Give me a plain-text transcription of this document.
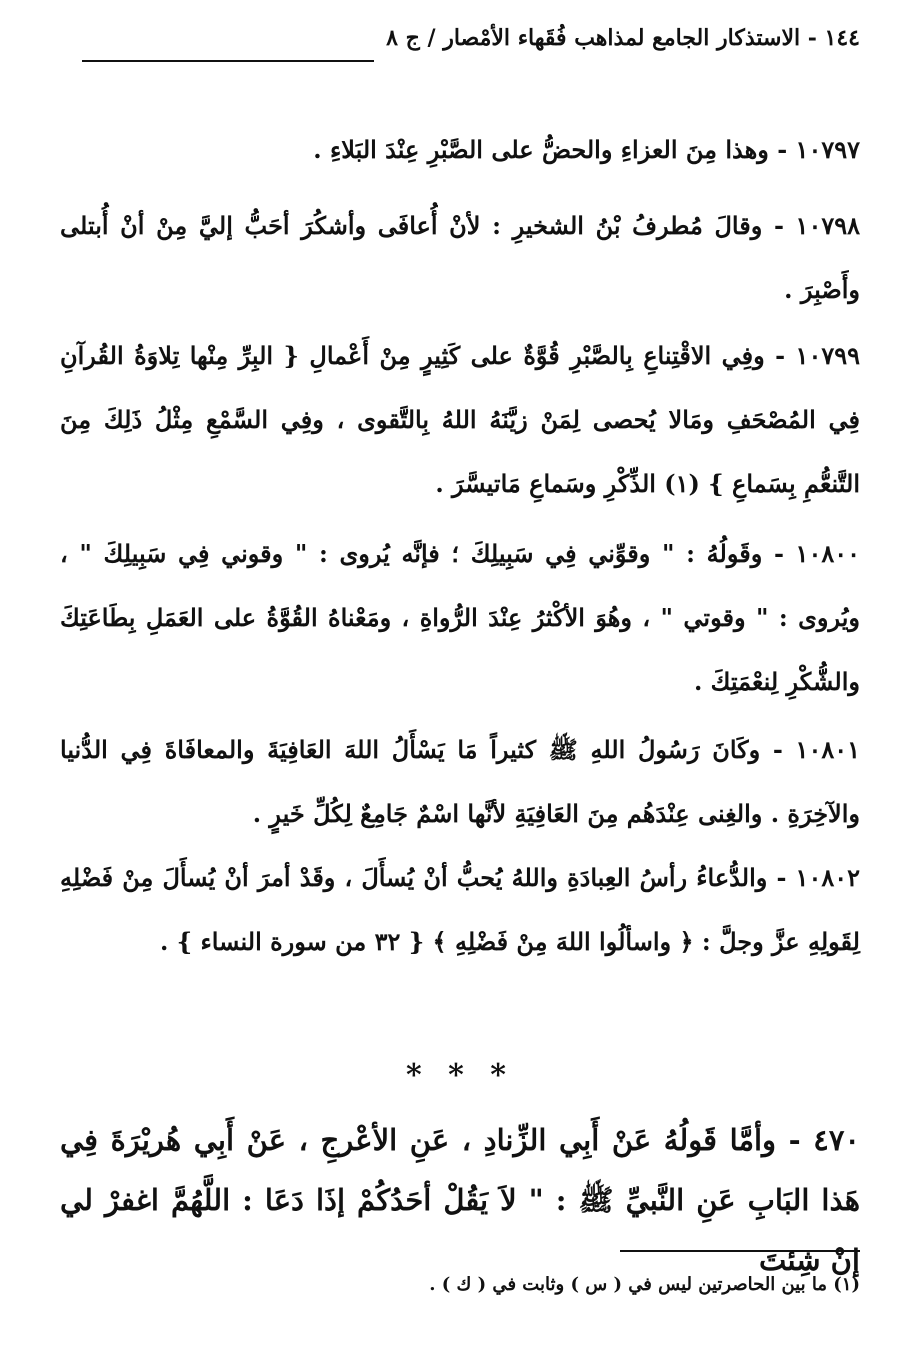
١٤٤ - الاستذكار الجامع لمذاهب فُقَهاء الأمْصار / ج ٨

١٠٧٩٧ - وهذا مِنَ العزاءِ والحضُّ على الصَّبْرِ عِنْدَ البَلاءِ .

١٠٧٩٨ - وقالَ مُطرفُ بْنُ الشخيرِ : لأنْ أُعافَى وأشكُرَ أحَبُّ إليَّ مِنْ أنْ أُبتلى وأَصْبِرَ .

١٠٧٩٩ - وفِي الاقْتِناعِ بِالصَّبْرِ قُوَّةٌ على كَثِيرٍ مِنْ أَعْمالِ { البِرِّ مِنْها تِلاوَةُ القُرآنِ فِي المُصْحَفِ ومَالا يُحصى لِمَنْ زيَّنَهُ اللهُ بِالتَّقوى ، وفِي السَّمْعِ مِثْلُ ذَلِكَ مِنَ التَّنعُّمِ بِسَماعِ } (١) الذِّكْرِ وسَماعِ مَاتيسَّرَ .

١٠٨٠٠ - وقَولُهُ : " وقوِّني فِي سَبِيلِكَ ؛ فإنَّه يُروى : " وقوني فِي سَبِيلِكَ " ، ويُروى : " وقوتي " ، وهُوَ الأكْثرُ عِنْدَ الرُّواةِ ، ومَعْناهُ القُوَّةُ على العَمَلِ بِطَاعَتِكَ والشُّكْرِ لِنعْمَتِكَ .

١٠٨٠١ - وكَانَ رَسُولُ اللهِ ﷺ كثيراً مَا يَسْأَلُ اللهَ العَافِيَةَ والمعافَاةَ فِي الدُّنيا والآخِرَةِ . والغِنى عِنْدَهُم مِنَ العَافِيَةِ لأنَّها اسْمٌ جَامِعٌ لِكُلِّ خَيرٍ .

١٠٨٠٢ - والدُّعاءُ رأسُ العِبادَةِ واللهُ يُحبُّ أنْ يُسأَلَ ، وقَدْ أمرَ أنْ يُسأَلَ مِنْ فَضْلِهِ لِقَولِهِ عزَّ وجلَّ : ﴿ واسألُوا اللهَ مِنْ فَضْلِهِ ﴾ { ٣٢ من سورة النساء } .

* * *

٤٧٠ - وأمَّا قَولُهُ عَنْ أَبِي الزِّنادِ ، عَنِ الأعْرجِ ، عَنْ أَبِي هُريْرَةَ فِي هَذا البَابِ عَنِ النَّبيِّ ﷺ : " لاَ يَقُلْ أحَدُكُمْ إذَا دَعَا : اللَّهُمَّ اغفرْ لي إنْ شِئتَ

(١) ما بين الحاصرتين ليس في ( س ) وثابت في ( ك ) .
